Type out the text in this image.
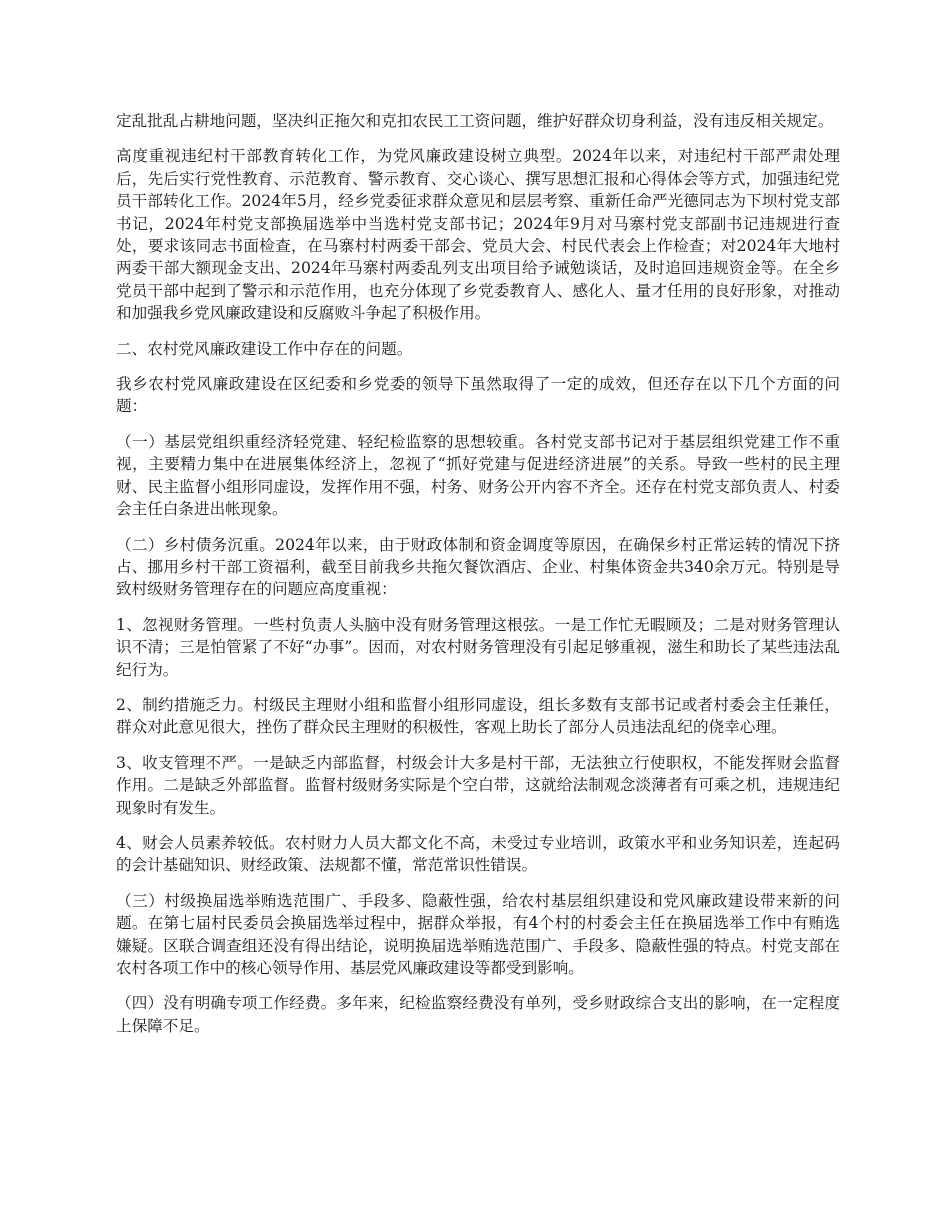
定乱批乱占耕地问题，坚决纠正拖欠和克扣农民工工资问题，维护好群众切身利益，没有违反相关规定。

高度重视违纪村干部教育转化工作，为党风廉政建设树立典型。2024年以来，对违纪村干部严肃处理后，先后实行党性教育、示范教育、警示教育、交心谈心、撰写思想汇报和心得体会等方式，加强违纪党员干部转化工作。2024年5月，经乡党委征求群众意见和层层考察、重新任命严光德同志为下坝村党支部书记，2024年村党支部换届选举中当选村党支部书记；2024年9月对马寨村党支部副书记违规进行查处，要求该同志书面检查，在马寨村村两委干部会、党员大会、村民代表会上作检查；对2024年大地村两委干部大额现金支出、2024年马寨村两委乱列支出项目给予诫勉谈话，及时追回违规资金等。在全乡党员干部中起到了警示和示范作用，也充分体现了乡党委教育人、感化人、量才任用的良好形象，对推动和加强我乡党风廉政建设和反腐败斗争起了积极作用。

二、农村党风廉政建设工作中存在的问题。

我乡农村党风廉政建设在区纪委和乡党委的领导下虽然取得了一定的成效，但还存在以下几个方面的问题：

（一）基层党组织重经济轻党建、轻纪检监察的思想较重。各村党支部书记对于基层组织党建工作不重视，主要精力集中在进展集体经济上，忽视了“抓好党建与促进经济进展”的关系。导致一些村的民主理财、民主监督小组形同虚设，发挥作用不强，村务、财务公开内容不齐全。还存在村党支部负责人、村委会主任白条进出帐现象。

（二）乡村债务沉重。2024年以来，由于财政体制和资金调度等原因，在确保乡村正常运转的情况下挤占、挪用乡村干部工资福利，截至目前我乡共拖欠餐饮酒店、企业、村集体资金共340余万元。特别是导致村级财务管理存在的问题应高度重视：

1、忽视财务管理。一些村负责人头脑中没有财务管理这根弦。一是工作忙无暇顾及；二是对财务管理认识不清；三是怕管紧了不好“办事”。因而，对农村财务管理没有引起足够重视，滋生和助长了某些违法乱纪行为。

2、制约措施乏力。村级民主理财小组和监督小组形同虚设，组长多数有支部书记或者村委会主任兼任，群众对此意见很大，挫伤了群众民主理财的积极性，客观上助长了部分人员违法乱纪的侥幸心理。

3、收支管理不严。一是缺乏内部监督，村级会计大多是村干部，无法独立行使职权，不能发挥财会监督作用。二是缺乏外部监督。监督村级财务实际是个空白带，这就给法制观念淡薄者有可乘之机，违规违纪现象时有发生。

4、财会人员素养较低。农村财力人员大都文化不高，未受过专业培训，政策水平和业务知识差，连起码的会计基础知识、财经政策、法规都不懂，常范常识性错误。

（三）村级换届选举贿选范围广、手段多、隐蔽性强，给农村基层组织建设和党风廉政建设带来新的问题。在第七届村民委员会换届选举过程中，据群众举报，有4个村的村委会主任在换届选举工作中有贿选嫌疑。区联合调查组还没有得出结论，说明换届选举贿选范围广、手段多、隐蔽性强的特点。村党支部在农村各项工作中的核心领导作用、基层党风廉政建设等都受到影响。

（四）没有明确专项工作经费。多年来，纪检监察经费没有单列，受乡财政综合支出的影响，在一定程度上保障不足。
